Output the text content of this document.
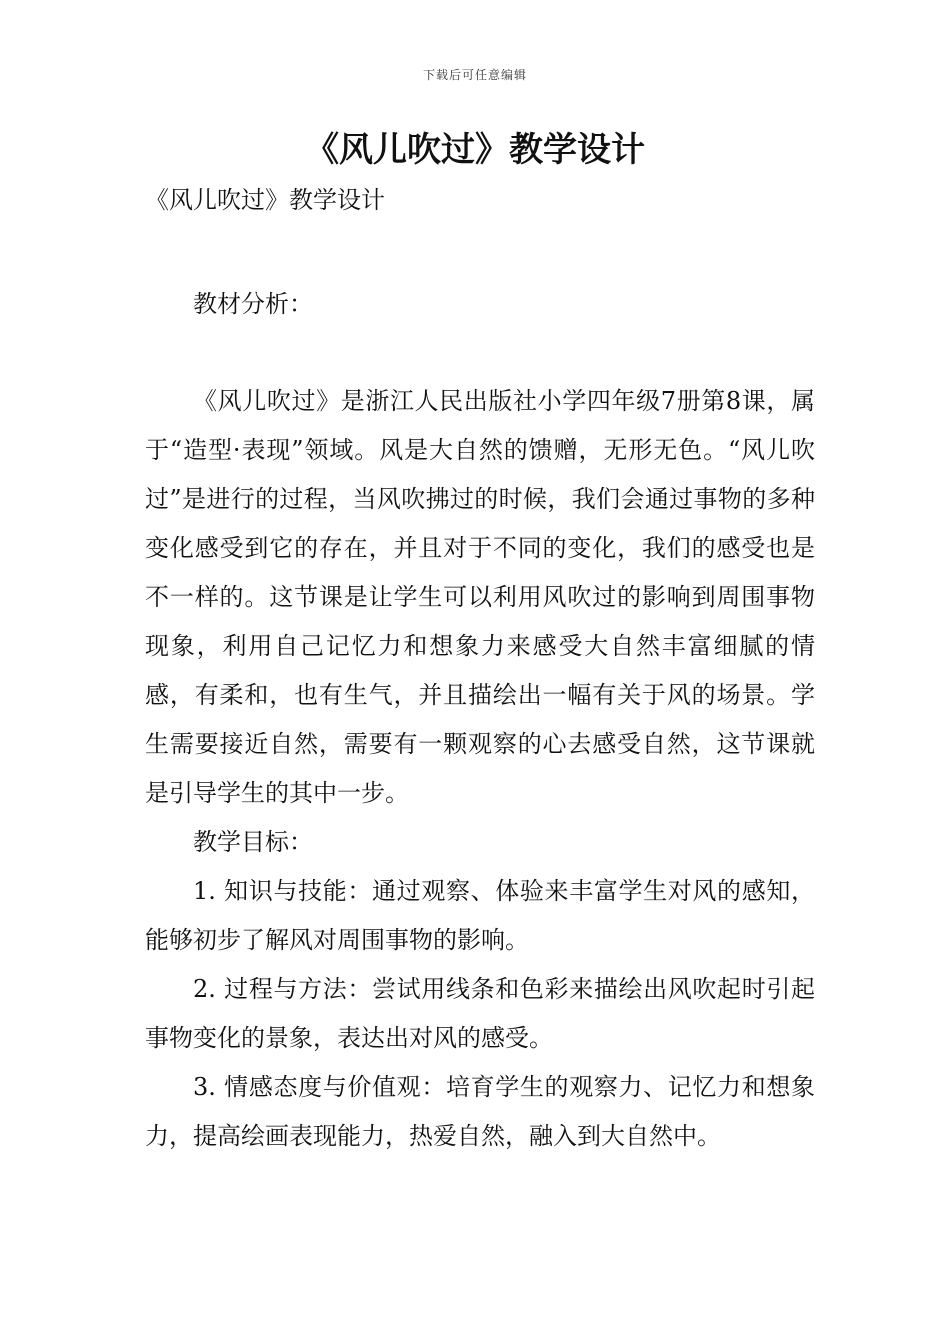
下载后可任意编辑
《风儿吹过》教学设计
《风儿吹过》教学设计

教材分析：

《风儿吹过》是浙江人民出版社小学四年级7册第8课，属于“造型·表现”领域。风是大自然的馈赠，无形无色。“风儿吹过”是进行的过程，当风吹拂过的时候，我们会通过事物的多种变化感受到它的存在，并且对于不同的变化，我们的感受也是不一样的。这节课是让学生可以利用风吹过的影响到周围事物现象，利用自己记忆力和想象力来感受大自然丰富细腻的情感，有柔和，也有生气，并且描绘出一幅有关于风的场景。学生需要接近自然，需要有一颗观察的心去感受自然，这节课就是引导学生的其中一步。

教学目标：

1. 知识与技能：通过观察、体验来丰富学生对风的感知，能够初步了解风对周围事物的影响。

2. 过程与方法：尝试用线条和色彩来描绘出风吹起时引起事物变化的景象，表达出对风的感受。

3. 情感态度与价值观：培育学生的观察力、记忆力和想象力，提高绘画表现能力，热爱自然，融入到大自然中。
